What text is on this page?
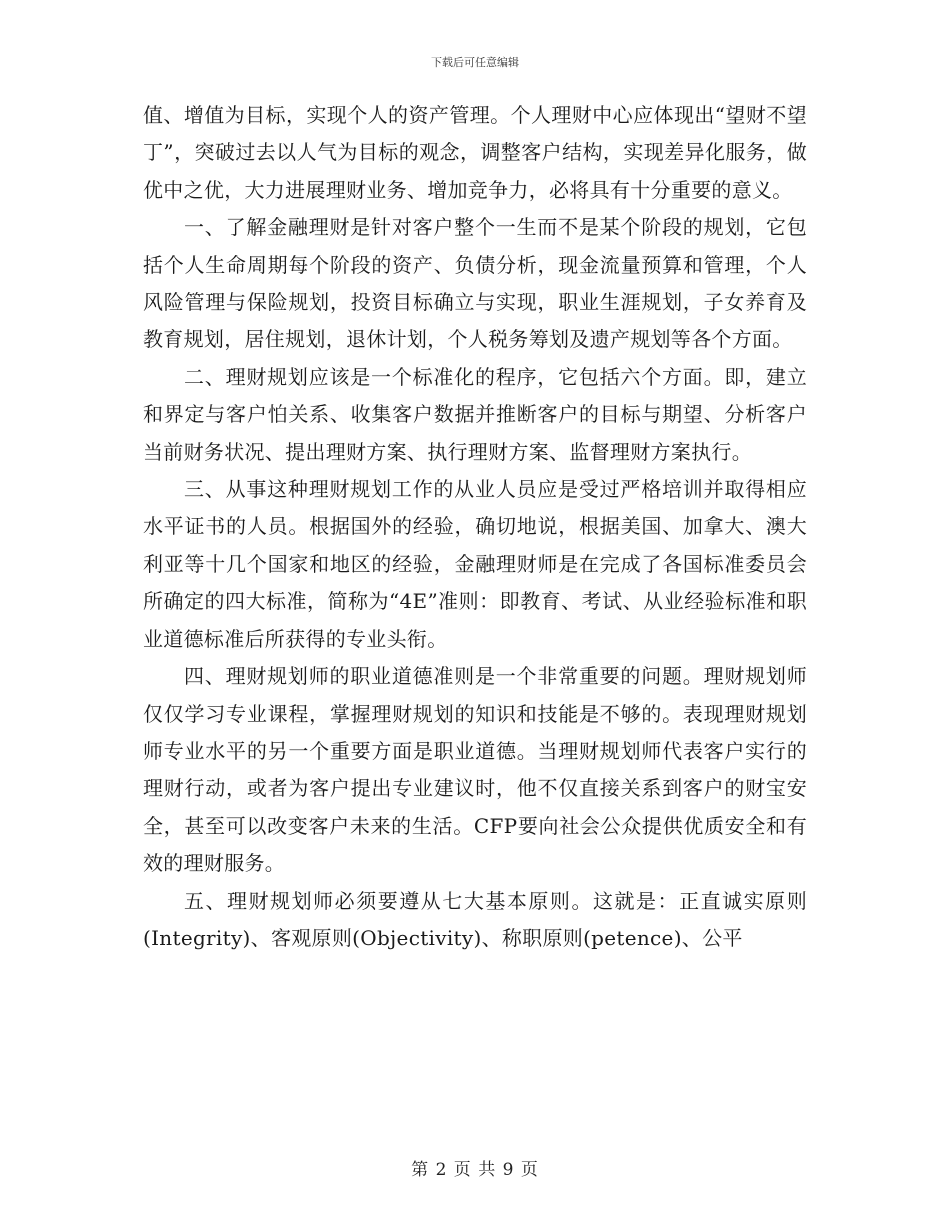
下载后可任意编辑

值、增值为目标，实现个人的资产管理。个人理财中心应体现出“望财不望丁”，突破过去以人气为目标的观念，调整客户结构，实现差异化服务，做优中之优，大力进展理财业务、增加竞争力，必将具有十分重要的意义。

一、了解金融理财是针对客户整个一生而不是某个阶段的规划，它包括个人生命周期每个阶段的资产、负债分析，现金流量预算和管理，个人风险管理与保险规划，投资目标确立与实现，职业生涯规划，子女养育及教育规划，居住规划，退休计划，个人税务筹划及遗产规划等各个方面。

二、理财规划应该是一个标准化的程序，它包括六个方面。即，建立和界定与客户怕关系、收集客户数据并推断客户的目标与期望、分析客户当前财务状况、提出理财方案、执行理财方案、监督理财方案执行。

三、从事这种理财规划工作的从业人员应是受过严格培训并取得相应水平证书的人员。根据国外的经验，确切地说，根据美国、加拿大、澳大利亚等十几个国家和地区的经验，金融理财师是在完成了各国标准委员会所确定的四大标准，简称为“4E”准则：即教育、考试、从业经验标准和职业道德标准后所获得的专业头衔。

四、理财规划师的职业道德准则是一个非常重要的问题。理财规划师仅仅学习专业课程，掌握理财规划的知识和技能是不够的。表现理财规划师专业水平的另一个重要方面是职业道德。当理财规划师代表客户实行的理财行动，或者为客户提出专业建议时，他不仅直接关系到客户的财宝安全，甚至可以改变客户未来的生活。CFP要向社会公众提供优质安全和有效的理财服务。

五、理财规划师必须要遵从七大基本原则。这就是：正直诚实原则(Integrity)、客观原则(Objectivity)、称职原则(petence)、公平

第 2 页 共 9 页
